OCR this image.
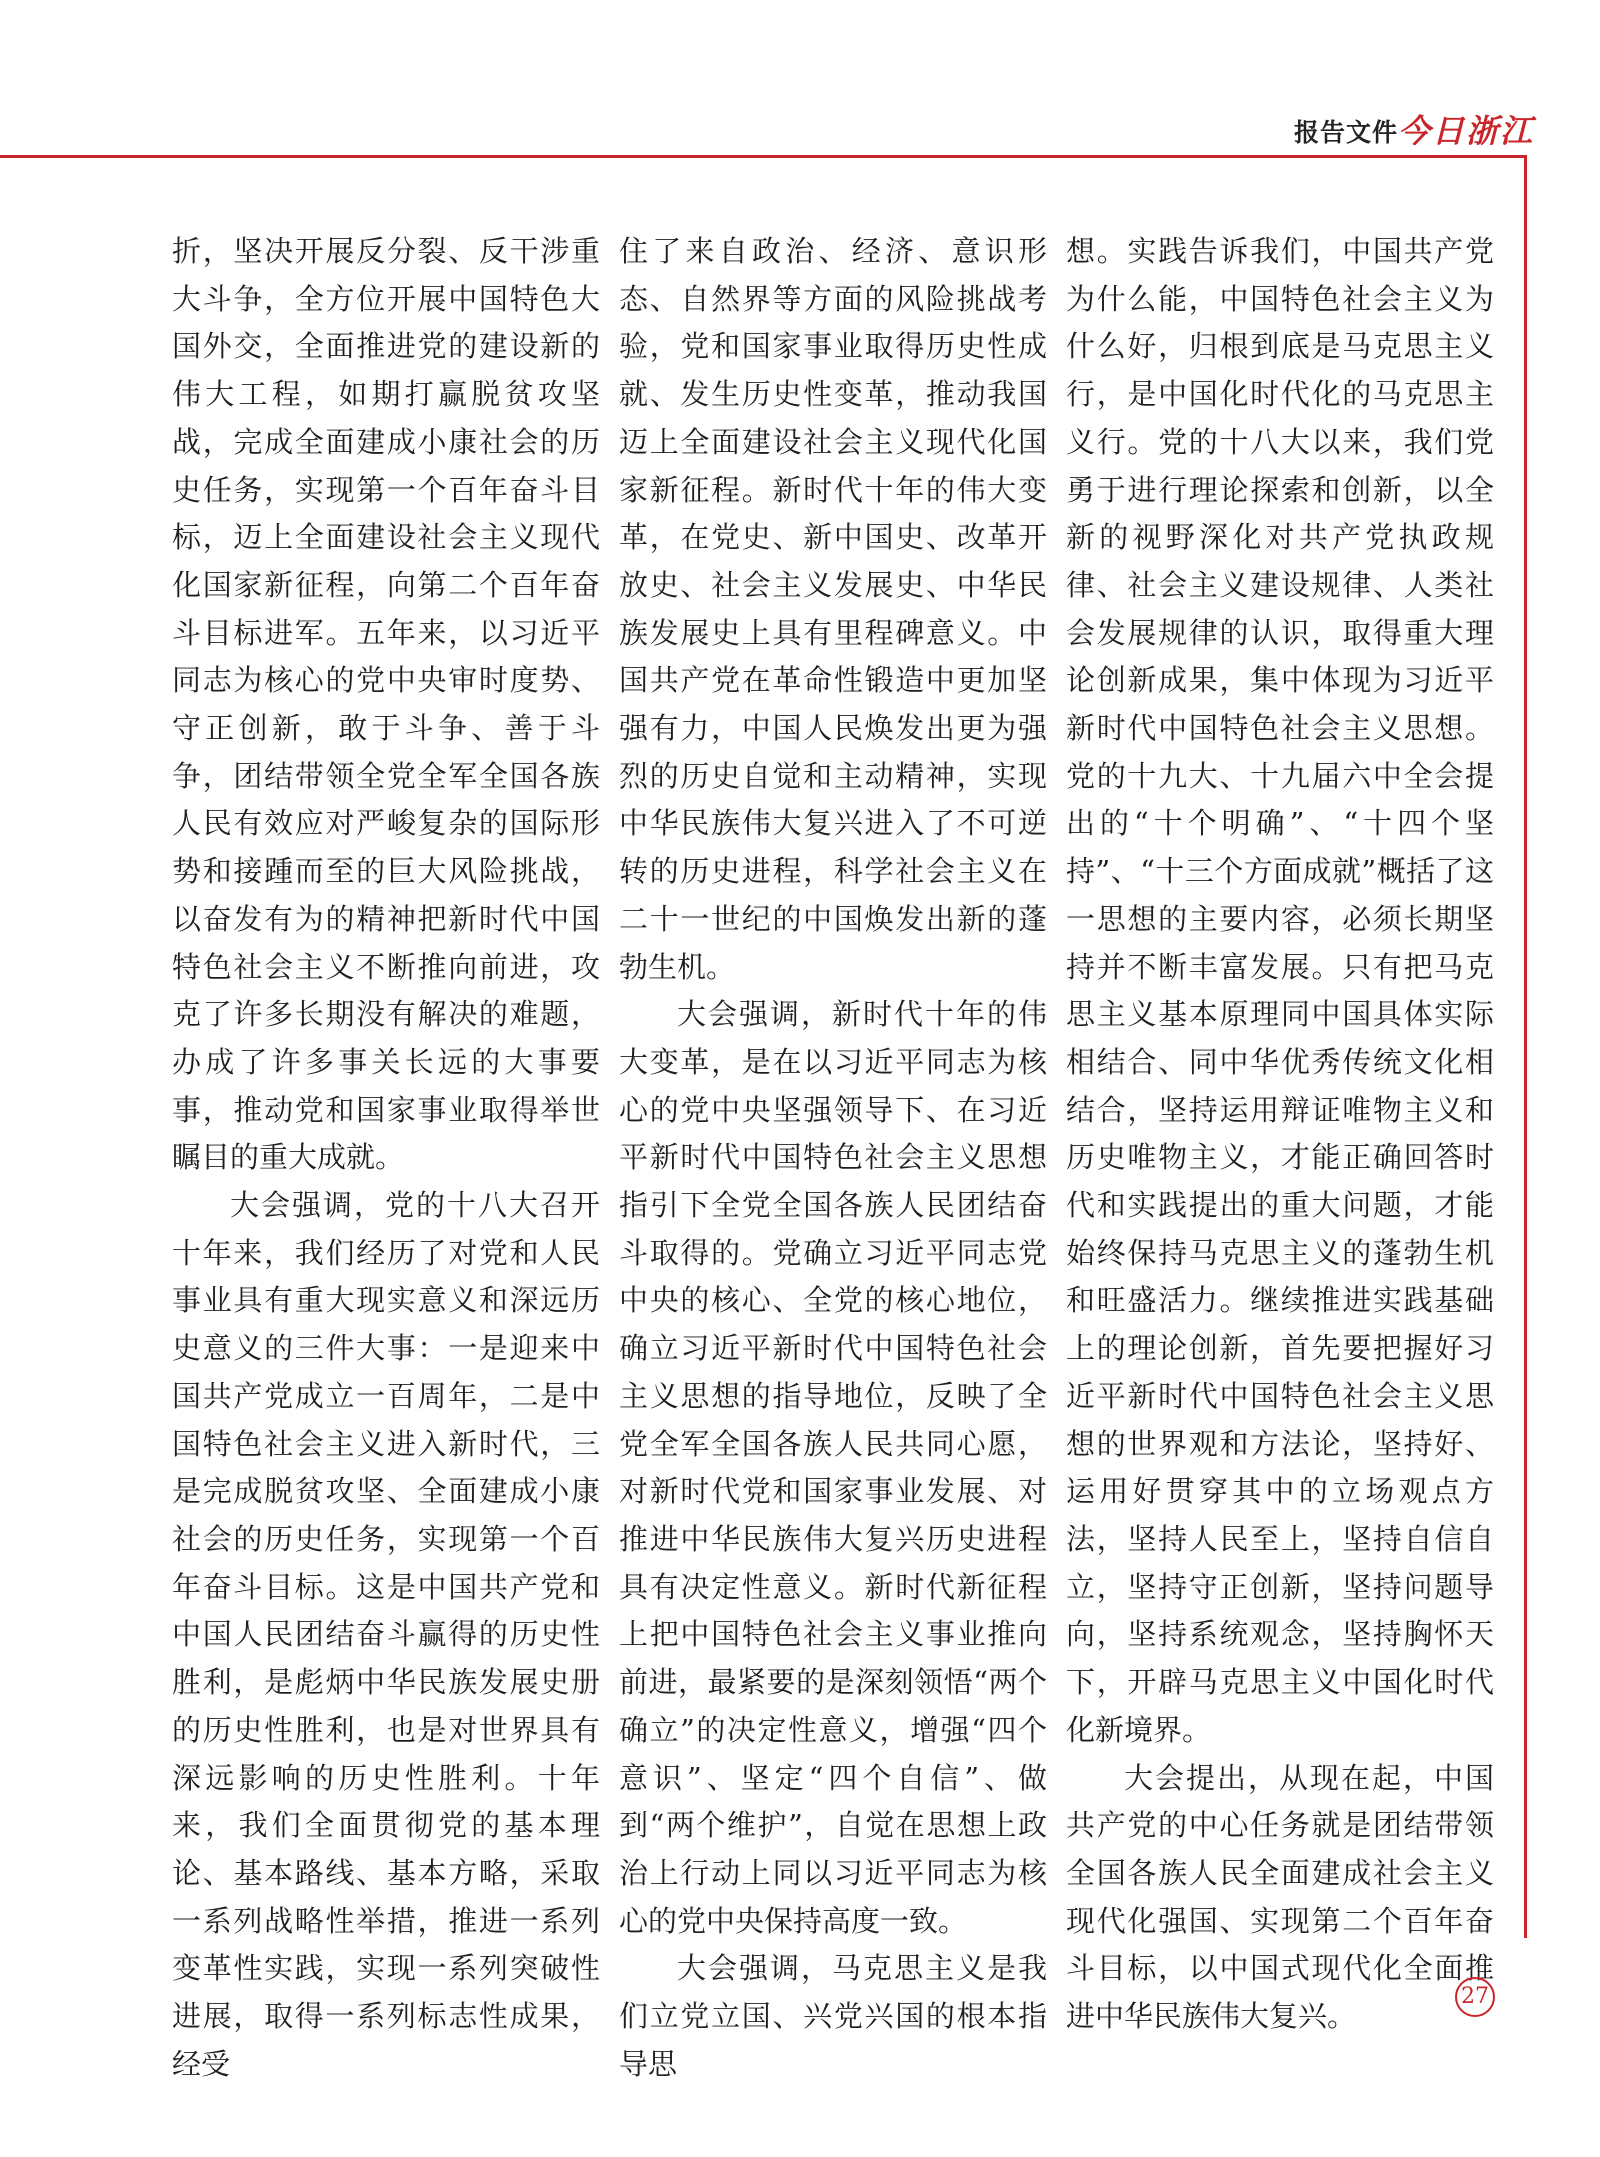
报告文件 今日浙江

折，坚决开展反分裂、反干涉重大斗争，全方位开展中国特色大国外交，全面推进党的建设新的伟大工程，如期打赢脱贫攻坚战，完成全面建成小康社会的历史任务，实现第一个百年奋斗目标，迈上全面建设社会主义现代化国家新征程，向第二个百年奋斗目标进军。五年来，以习近平同志为核心的党中央审时度势、守正创新，敢于斗争、善于斗争，团结带领全党全军全国各族人民有效应对严峻复杂的国际形势和接踵而至的巨大风险挑战，以奋发有为的精神把新时代中国特色社会主义不断推向前进，攻克了许多长期没有解决的难题，办成了许多事关长远的大事要事，推动党和国家事业取得举世瞩目的重大成就。

大会强调，党的十八大召开十年来，我们经历了对党和人民事业具有重大现实意义和深远历史意义的三件大事：一是迎来中国共产党成立一百周年，二是中国特色社会主义进入新时代，三是完成脱贫攻坚、全面建成小康社会的历史任务，实现第一个百年奋斗目标。这是中国共产党和中国人民团结奋斗赢得的历史性胜利，是彪炳中华民族发展史册的历史性胜利，也是对世界具有深远影响的历史性胜利。十年来，我们全面贯彻党的基本理论、基本路线、基本方略，采取一系列战略性举措，推进一系列变革性实践，实现一系列突破性进展，取得一系列标志性成果，经受

住了来自政治、经济、意识形态、自然界等方面的风险挑战考验，党和国家事业取得历史性成就、发生历史性变革，推动我国迈上全面建设社会主义现代化国家新征程。新时代十年的伟大变革，在党史、新中国史、改革开放史、社会主义发展史、中华民族发展史上具有里程碑意义。中国共产党在革命性锻造中更加坚强有力，中国人民焕发出更为强烈的历史自觉和主动精神，实现中华民族伟大复兴进入了不可逆转的历史进程，科学社会主义在二十一世纪的中国焕发出新的蓬勃生机。

大会强调，新时代十年的伟大变革，是在以习近平同志为核心的党中央坚强领导下、在习近平新时代中国特色社会主义思想指引下全党全国各族人民团结奋斗取得的。党确立习近平同志党中央的核心、全党的核心地位，确立习近平新时代中国特色社会主义思想的指导地位，反映了全党全军全国各族人民共同心愿，对新时代党和国家事业发展、对推进中华民族伟大复兴历史进程具有决定性意义。新时代新征程上把中国特色社会主义事业推向前进，最紧要的是深刻领悟“两个确立”的决定性意义，增强“四个意识”、坚定“四个自信”、做到“两个维护”，自觉在思想上政治上行动上同以习近平同志为核心的党中央保持高度一致。

大会强调，马克思主义是我们立党立国、兴党兴国的根本指导思

想。实践告诉我们，中国共产党为什么能，中国特色社会主义为什么好，归根到底是马克思主义行，是中国化时代化的马克思主义行。党的十八大以来，我们党勇于进行理论探索和创新，以全新的视野深化对共产党执政规律、社会主义建设规律、人类社会发展规律的认识，取得重大理论创新成果，集中体现为习近平新时代中国特色社会主义思想。党的十九大、十九届六中全会提出的“十个明确”、“十四个坚持”、“十三个方面成就”概括了这一思想的主要内容，必须长期坚持并不断丰富发展。只有把马克思主义基本原理同中国具体实际相结合、同中华优秀传统文化相结合，坚持运用辩证唯物主义和历史唯物主义，才能正确回答时代和实践提出的重大问题，才能始终保持马克思主义的蓬勃生机和旺盛活力。继续推进实践基础上的理论创新，首先要把握好习近平新时代中国特色社会主义思想的世界观和方法论，坚持好、运用好贯穿其中的立场观点方法，坚持人民至上，坚持自信自立，坚持守正创新，坚持问题导向，坚持系统观念，坚持胸怀天下，开辟马克思主义中国化时代化新境界。

大会提出，从现在起，中国共产党的中心任务就是团结带领全国各族人民全面建成社会主义现代化强国、实现第二个百年奋斗目标，以中国式现代化全面推进中华民族伟大复兴。

27
